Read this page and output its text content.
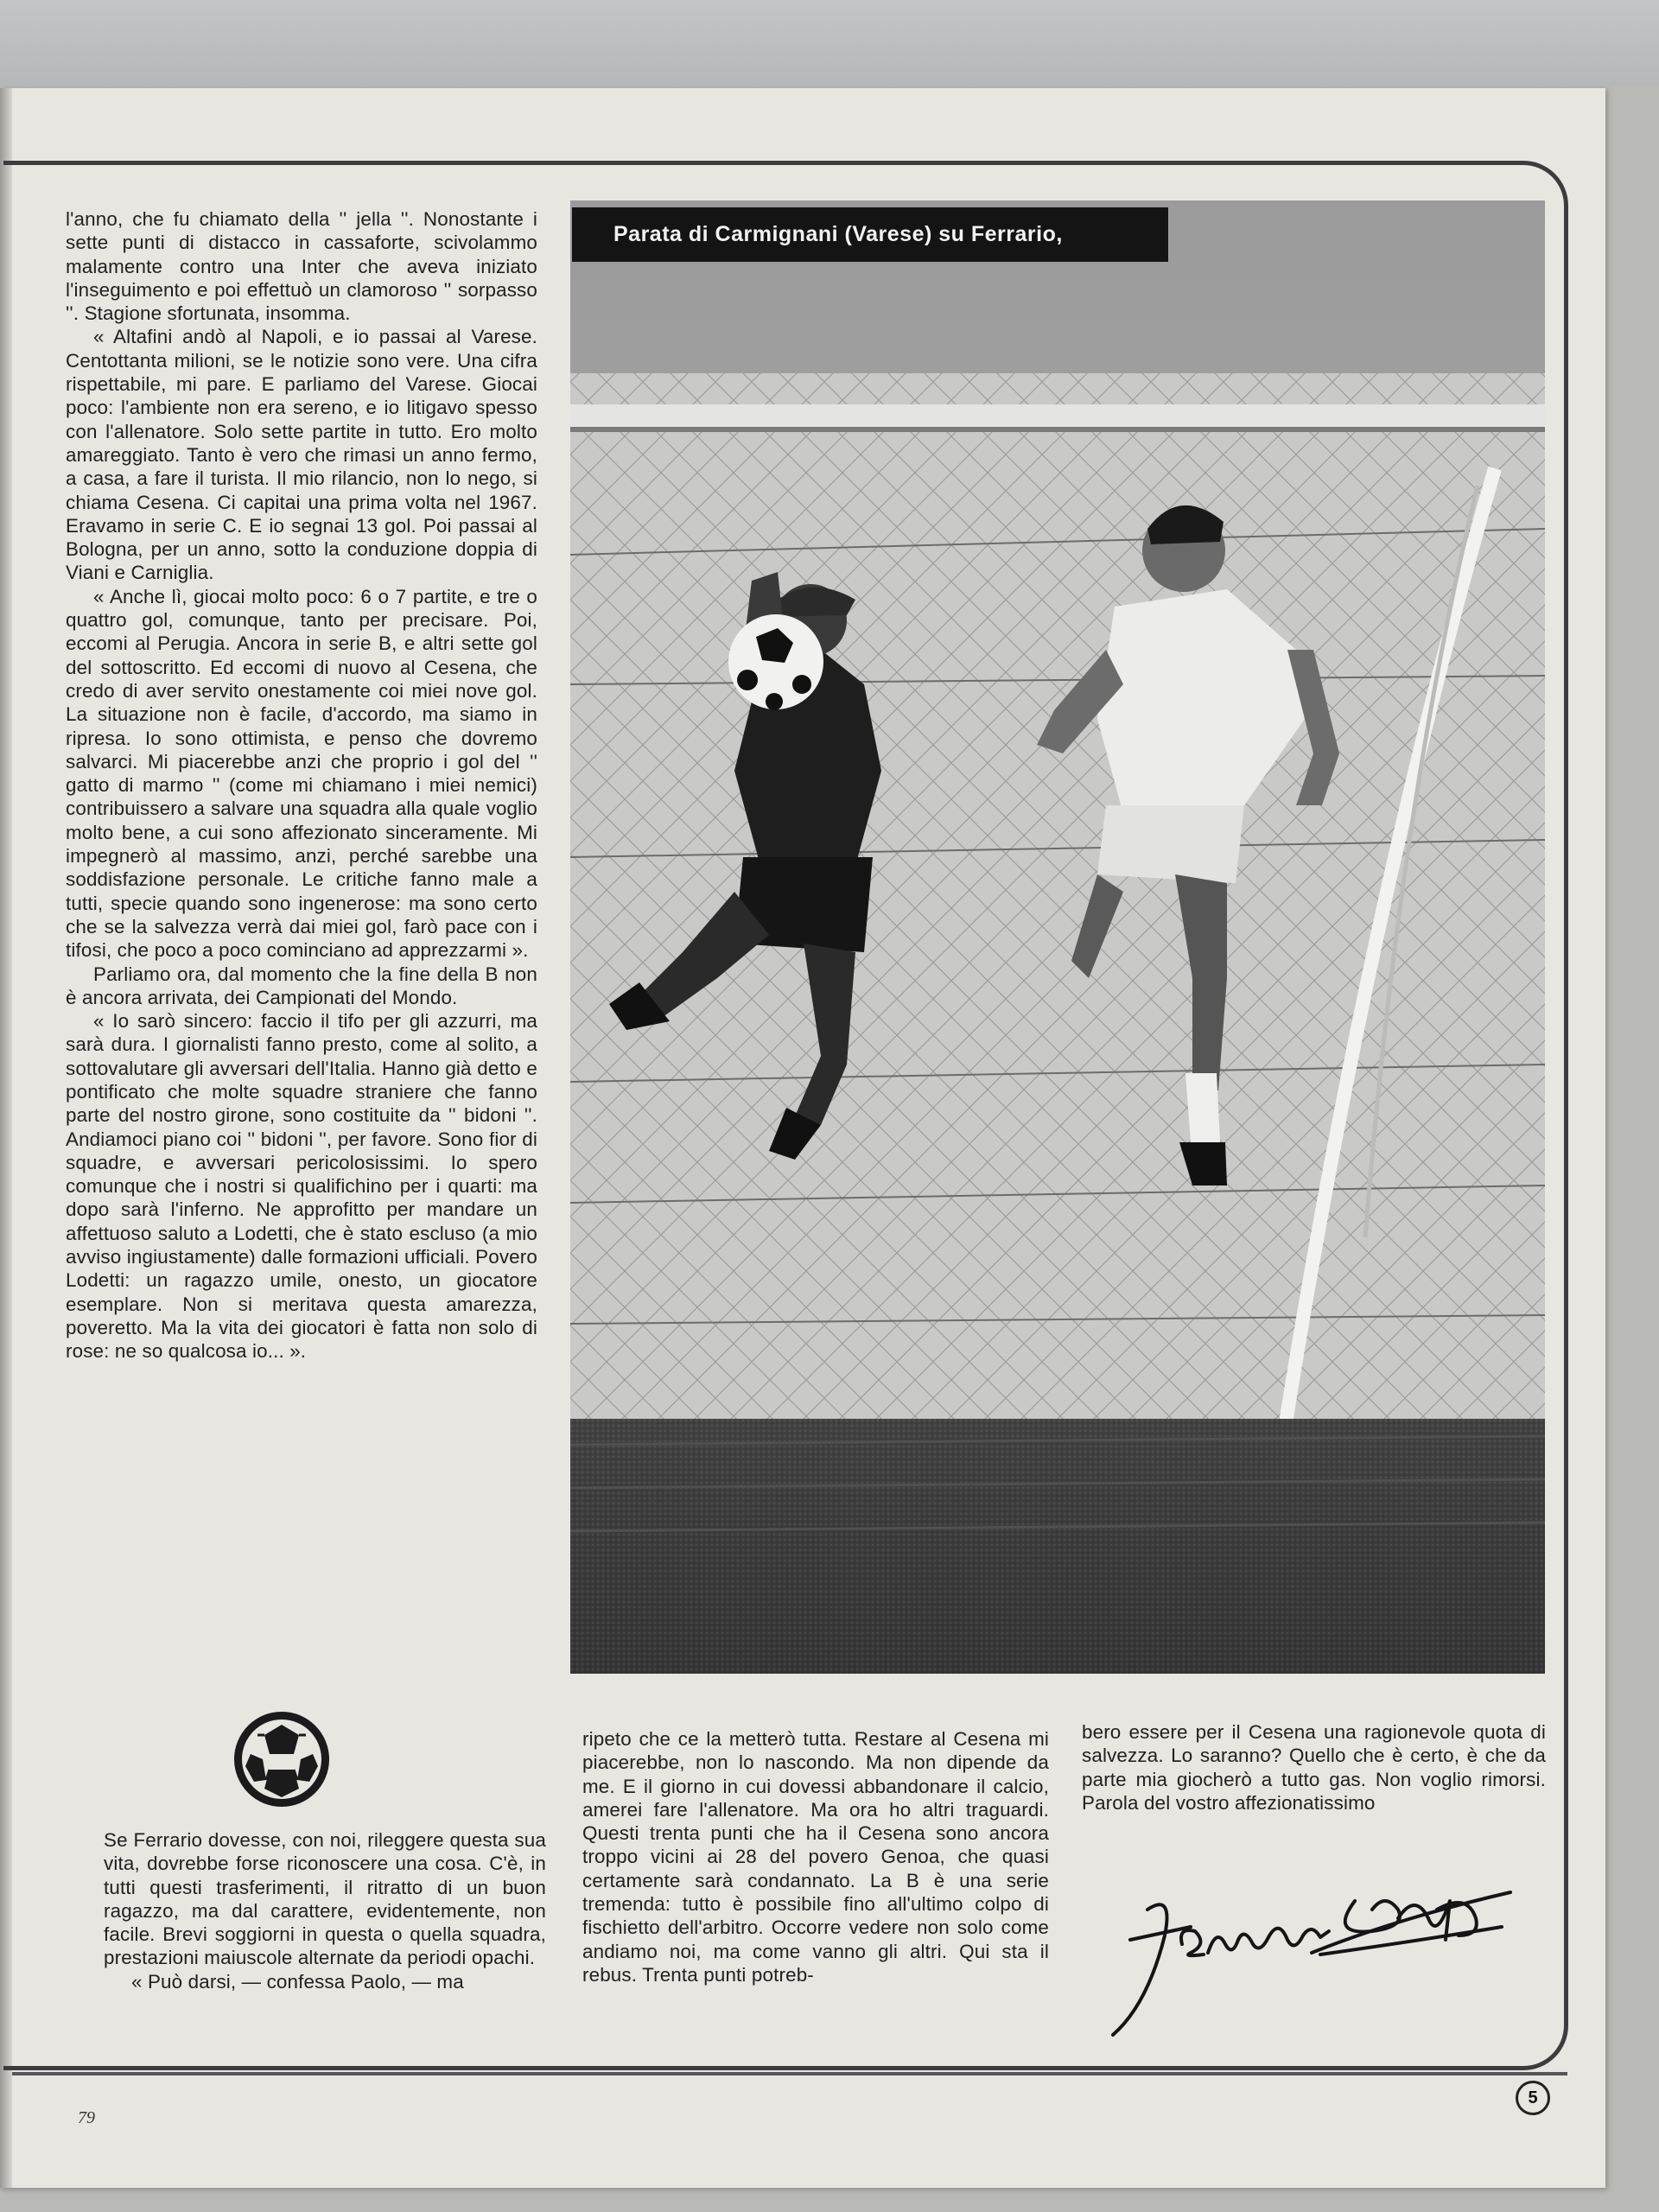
l'anno, che fu chiamato della '' jella ''. Nonostante i sette punti di distacco in cassaforte, scivolammo malamente contro una Inter che aveva iniziato l'inseguimento e poi effettuò un clamoroso '' sorpasso ''. Stagione sfortunata, insomma.

« Altafini andò al Napoli, e io passai al Varese. Centottanta milioni, se le notizie sono vere. Una cifra rispettabile, mi pare. E parliamo del Varese. Giocai poco: l'ambiente non era sereno, e io litigavo spesso con l'allenatore. Solo sette partite in tutto. Ero molto amareggiato. Tanto è vero che rimasi un anno fermo, a casa, a fare il turista. Il mio rilancio, non lo nego, si chiama Cesena. Ci capitai una prima volta nel 1967. Eravamo in serie C. E io segnai 13 gol. Poi passai al Bologna, per un anno, sotto la conduzione doppia di Viani e Carniglia.

« Anche lì, giocai molto poco: 6 o 7 partite, e tre o quattro gol, comunque, tanto per precisare. Poi, eccomi al Perugia. Ancora in serie B, e altri sette gol del sottoscritto. Ed eccomi di nuovo al Cesena, che credo di aver servito onestamente coi miei nove gol. La situazione non è facile, d'accordo, ma siamo in ripresa. Io sono ottimista, e penso che dovremo salvarci. Mi piacerebbe anzi che proprio i gol del '' gatto di marmo '' (come mi chiamano i miei nemici) contribuissero a salvare una squadra alla quale voglio molto bene, a cui sono affezionato sinceramente. Mi impegnerò al massimo, anzi, perché sarebbe una soddisfazione personale. Le critiche fanno male a tutti, specie quando sono ingenerose: ma sono certo che se la salvezza verrà dai miei gol, farò pace con i tifosi, che poco a poco cominciano ad apprezzarmi ».

Parliamo ora, dal momento che la fine della B non è ancora arrivata, dei Campionati del Mondo.

« Io sarò sincero: faccio il tifo per gli azzurri, ma sarà dura. I giornalisti fanno presto, come al solito, a sottovalutare gli avversari dell'Italia. Hanno già detto e pontificato che molte squadre straniere che fanno parte del nostro girone, sono costituite da '' bidoni ''. Andiamoci piano coi '' bidoni '', per favore. Sono fior di squadre, e avversari pericolosissimi. Io spero comunque che i nostri si qualifichino per i quarti: ma dopo sarà l'inferno. Ne approfitto per mandare un affettuoso saluto a Lodetti, che è stato escluso (a mio avviso ingiustamente) dalle formazioni ufficiali. Povero Lodetti: un ragazzo umile, onesto, un giocatore esemplare. Non si meritava questa amarezza, poveretto. Ma la vita dei giocatori è fatta non solo di rose: ne so qualcosa io... ».

Parata di Carmignani (Varese) su Ferrario,

Se Ferrario dovesse, con noi, rileggere questa sua vita, dovrebbe forse riconoscere una cosa. C'è, in tutti questi trasferimenti, il ritratto di un buon ragazzo, ma dal carattere, evidentemente, non facile. Brevi soggiorni in questa o quella squadra, prestazioni maiuscole alternate da periodi opachi.

« Può darsi, — confessa Paolo, — ma

ripeto che ce la metterò tutta. Restare al Cesena mi piacerebbe, non lo nascondo. Ma non dipende da me. E il giorno in cui dovessi abbandonare il calcio, amerei fare l'allenatore. Ma ora ho altri traguardi. Questi trenta punti che ha il Cesena sono ancora troppo vicini ai 28 del povero Genoa, che quasi certamente sarà condannato. La B è una serie tremenda: tutto è possibile fino all'ultimo colpo di fischietto dell'arbitro. Occorre vedere non solo come andiamo noi, ma come vanno gli altri. Qui sta il rebus. Trenta punti potreb-

bero essere per il Cesena una ragionevole quota di salvezza. Lo saranno? Quello che è certo, è che da parte mia giocherò a tutto gas. Non voglio rimorsi. Parola del vostro affezionatissimo

79
5
